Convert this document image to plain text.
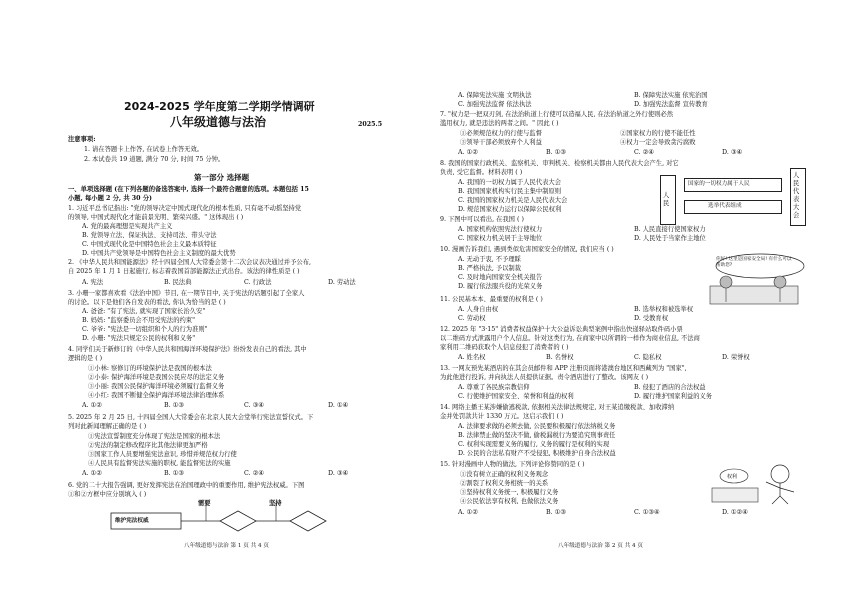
2024-2025 学年度第二学期学情调研
八年级道德与法治	2025.5
注意事项:
1. 请在答题卡上作答, 在试卷上作答无效。
2. 本试卷共 19 道题, 满分 70 分, 时间 75 分钟。
第一部分 选择题
一、单项选择题 (在下列各题的备选答案中, 选择一个最符合题意的选项。本题包括 15
小题, 每小题 2 分, 共 30 分)
1. 习近平总书记指出: "党的领导决定中国式现代化的根本性质, 只有毫不动摇坚持党
的领导, 中国式现代化才能前景光明、繁荣兴盛。" 这体现出 ( )
A. 党的最高理想是实现共产主义
B. 党领导立法、保证执法、支持司法、带头守法
C. 中国式现代化是中国特色社会主义最本质特征
D. 中国共产党领导是中国特色社会主义制度的最大优势
2. 《中华人民共和国能源法》经十四届全国人大常委会第十二次会议表决通过并予公布,
自 2025 年 1 月 1 日起施行, 标志着我国首部能源法正式出台。该法的律性质是 ( )
A. 宪法	B. 民法典	C. 行政法	D. 劳动法
3. 小珊一家都喜欢看《法治中国》节目, 在一期节目中, 关于宪法的话题引起了全家人
的讨论。以下是他们各自发表的看法, 你认为恰当的是 ( )
A. 爸爸: "有了宪法, 就实现了国家长治久安"
B. 妈妈: "监察委员会不用受宪法的约束"
C. 爷爷: "宪法是一切组织和个人的行为准则"
D. 小珊: "宪法只规定公民的权利和义务"
4. 同学们关于新修订的《中华人民共和国海洋环境保护法》纷纷发表自己的看法, 其中
逻辑的是 ( )
①小林: 察修订的环境保护法是我国的根本法
②小泰: 保护海洋环境是我国公民应尽的法定义务
③小丽: 我国公民保护海洋环境必须履行监督义务
④小红: 我国不断健全保护海洋环境法律治理体系
A. ①②	B. ①③	C. ③④	D. ①④
5. 2025 年 2 月 25 日, 十四届全国人大常委会在北京人民大会堂举行宪法宣誓仪式。下
列对此新闻理解正确的是 ( )
①宪法宣誓制度充分体现了宪法是国家的根本法
②宪法的制定修改程序比其他法律更加严格
③国家工作人员要增强宪法意识, 珍惜并规范权力行使
④人民具有监督宪法实施的职权, 能监督宪法的实施
A. ①②	B. ①③	C. ②④	D. ③④
6. 党的二十大报告强调, 更好发挥宪法在治国理政中的重要作用, 维护宪法权威。下图
①和②方框中应分别填入 ( )
维护宪法权威
需要	坚持
八年级道德与法治 第 1 页 共 4 页
A. 保障宪法实施 文明执法	B. 保障宪法实施 依宪治国
C. 加强宪法监督 依法执法	D. 加强宪法监督 宣传教育
7. "权力是一把双刃剑, 在法治轨道上行使可以造福人民, 在法治轨道之外行使则必然
滥用权力, 就是违法的两者之间。" 因此 ( )
①必须规范权力的行使与监督	②国家权力的行使不能任性
③领导干部必须放弃个人利益	④权力一定会导致贪污腐败
A. ①②	B. ①③	C. ②④	D. ③④
8. 我国的国家行政机关、监察机关、审判机关、检察机关都由人民代表大会产生, 对它
负责, 受它监督。材料表明 ( )
A. 我国的一切权力属于人民代表大会
B. 我国国家机构实行民主集中制原则
C. 我国的国家权力机关是人民代表大会
D. 规范国家权力运行以保障公民权利
人民
国家的一切权力属于人民
选举代表组成
人民代表大会
9. 下图中可以看出, 在我国 ( )
A. 国家机构依照宪法行使权力	B. 人民直接行使国家权力
C. 国家权力机关居于主导地位	D. 人民处于当家作主地位
10. 漫画告诉我们, 遇到类似危害国家安全的情况, 我们应当 ( )
A. 无动于衷, 不予理睬
B. 严格执法, 予以制裁
C. 及时地向国家安全机关报告
D. 履行依法服兵役的光荣义务
你好! 这里是国家安全局! 有什么可以帮助您?
11. 公民基本本、最重要的权利是 ( )
A. 人身自由权	B. 选举权和被选举权
C. 劳动权	D. 受教育权
12. 2025 年 "3·15" 消费者权益保护十大公益诉讼典型案例中指出快递驿站取件码小票
以二维码方式泄露用户个人信息。针对这类行为, 在商家中以所谓的一样作为商业信息, 不法商
家利用二维码获取个人信息侵犯了消费者的 ( )
A. 姓名权	B. 名誉权	C. 隐私权	D. 荣誉权
13. 一网友预先某酒店的在其会员邮件和 APP 注册页面将港澳台地区和西藏列为 "国家",
为此他进行投诉, 并向执法人员提供证据。责令酒店进行了整改。该网友 ( )
A. 尊重了各民族宗教信仰	B. 侵犯了酒店的合法权益
C. 行使维护国家安全、荣誉和利益的权利	D. 履行维护国家利益的义务
14. 网络主播王某涉嫌偷逃税款, 依据相关法律法规规定, 对王某追缴税款、加收滞纳
金并处罚款共计 1330 万元。这启示我们 ( )
A. 法律要求做的必须去做, 公民要积极履行依法纳税义务
B. 法律禁止做的坚决不做, 偷税漏税行为要追究刑事责任
C. 权利实现需要义务的履行, 义务的履行是权利的实现
D. 公民的合法私有财产不受侵犯, 积极维护自身合法权益
15. 针对漫画中人物的做法, 下列评论你赞同的是 ( )
①没有树立正确的权利义务观念
②割裂了权利义务相统一的关系
③坚持权利义务统一, 积极履行义务
④公民依法享有权利, 也做依法义务
A. ①②	B. ①③	C. ①③④	D. ①②④
权利
八年级道德与法治 第 2 页 共 4 页
